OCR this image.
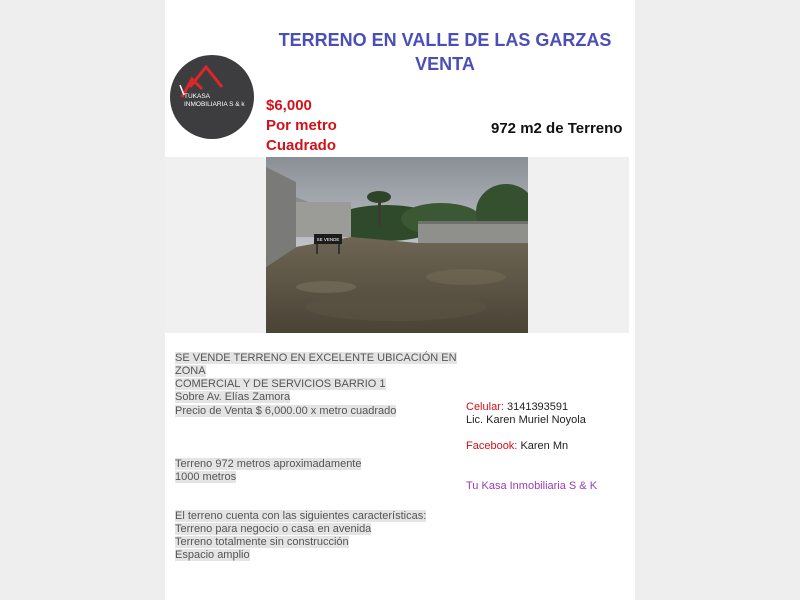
TERRENO EN VALLE DE LAS GARZAS
VENTA
TUKASA
INMOBILIARIA S & k	$6,000
Por metro
Cuadrado
972 m2 de Terreno
SE VENDE
SE VENDE TERRENO EN EXCELENTE UBICACIÓN EN ZONA
COMERCIAL Y DE SERVICIOS BARRIO 1
Sobre Av. Elías Zamora
Precio de Venta $ 6,000.00 x metro cuadrado
Terreno 972 metros aproximadamente
1000 metros
El terreno cuenta con las siguientes características:
Terreno para negocio o casa en avenida
Terreno totalmente sin construcción
Espacio amplio
Celular: 3141393591
Lic. Karen Muriel Noyola
Facebook: Karen Mn
Tu Kasa Inmobiliaria S & K
